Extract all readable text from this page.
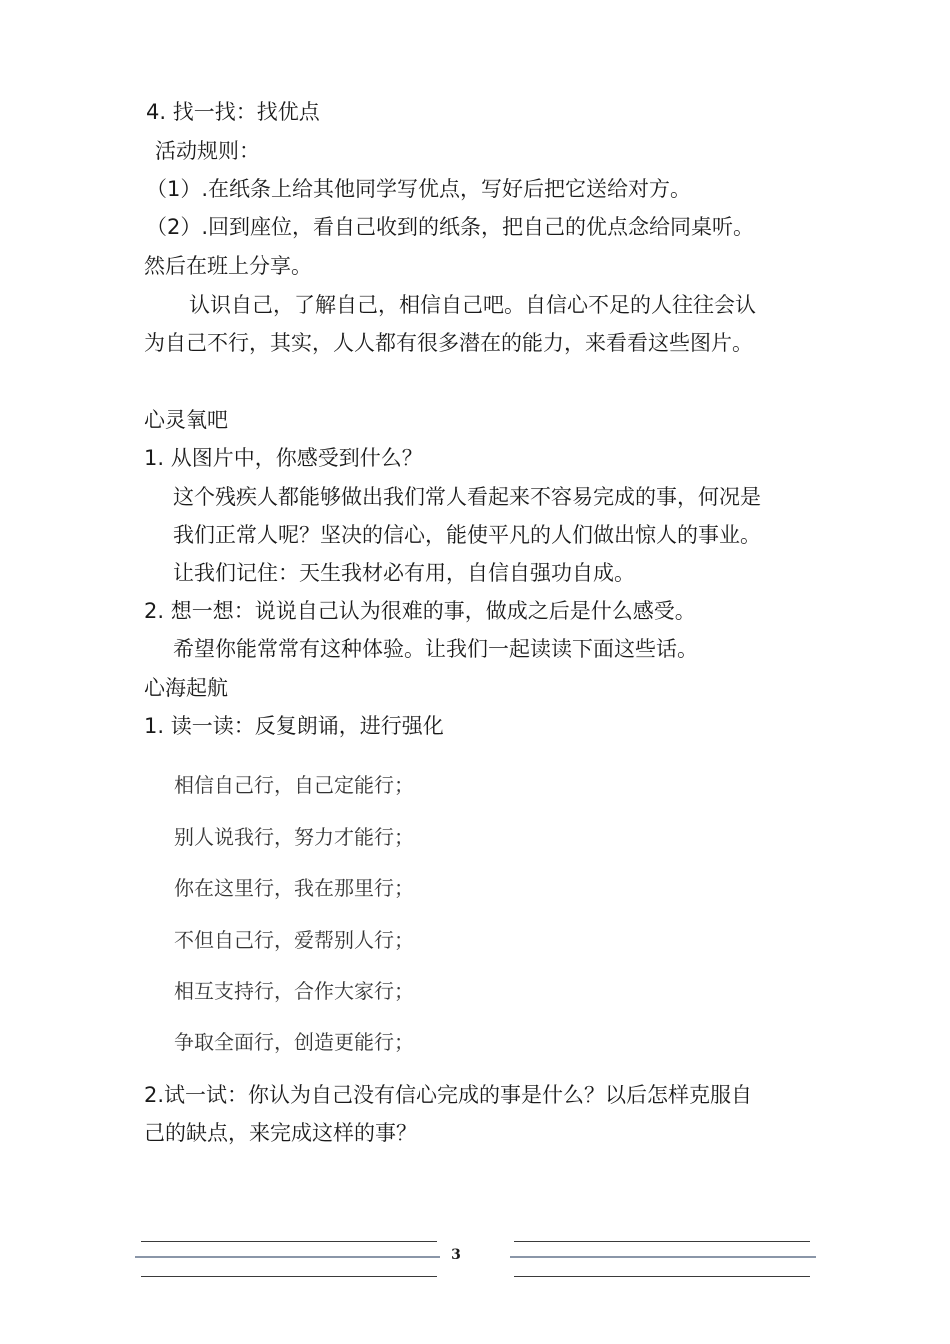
4. 找一找：找优点
活动规则：
（1）.在纸条上给其他同学写优点，写好后把它送给对方。
（2）.回到座位，看自己收到的纸条，把自己的优点念给同桌听。
然后在班上分享。
认识自己，了解自己，相信自己吧。自信心不足的人往往会认
为自己不行，其实，人人都有很多潜在的能力，来看看这些图片。
心灵氧吧
1. 从图片中，你感受到什么？
这个残疾人都能够做出我们常人看起来不容易完成的事，何况是
我们正常人呢？坚决的信心，能使平凡的人们做出惊人的事业。
让我们记住：天生我材必有用，自信自强功自成。
2. 想一想：说说自己认为很难的事，做成之后是什么感受。
希望你能常常有这种体验。让我们一起读读下面这些话。
心海起航
1. 读一读：反复朗诵，进行强化
相信自己行，自己定能行；
别人说我行，努力才能行；
你在这里行，我在那里行；
不但自己行，爱帮别人行；
相互支持行，合作大家行；
争取全面行，创造更能行；
2.试一试：你认为自己没有信心完成的事是什么？以后怎样克服自
己的缺点，来完成这样的事？
3
